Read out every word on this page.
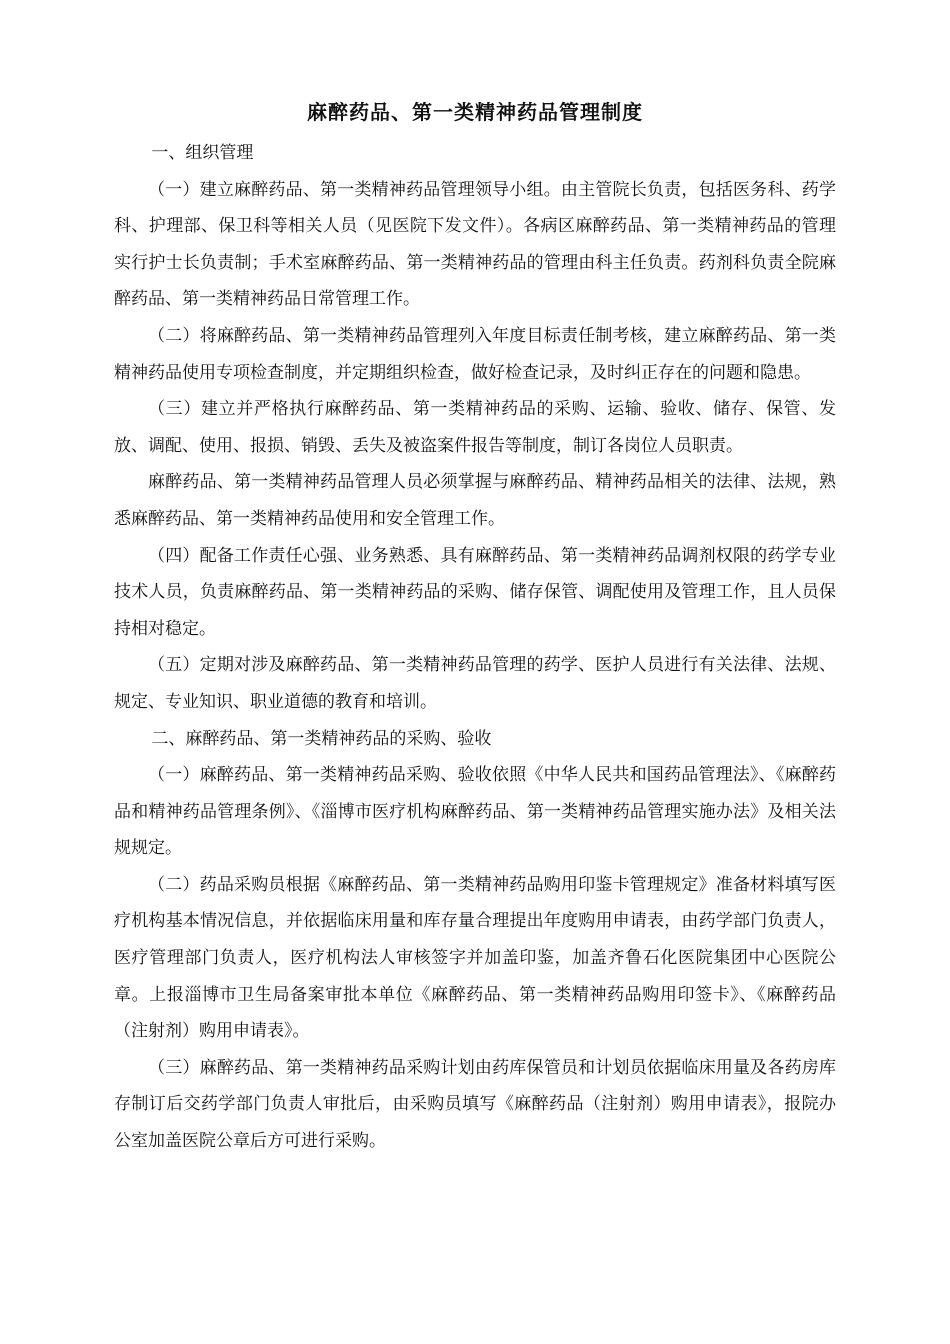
麻醉药品、第一类精神药品管理制度

一、组织管理

（一）建立麻醉药品、第一类精神药品管理领导小组。由主管院长负责，包括医务科、药学科、护理部、保卫科等相关人员（见医院下发文件）。各病区麻醉药品、第一类精神药品的管理实行护士长负责制；手术室麻醉药品、第一类精神药品的管理由科主任负责。药剂科负责全院麻醉药品、第一类精神药品日常管理工作。

（二）将麻醉药品、第一类精神药品管理列入年度目标责任制考核，建立麻醉药品、第一类精神药品使用专项检查制度，并定期组织检查，做好检查记录，及时纠正存在的问题和隐患。

（三）建立并严格执行麻醉药品、第一类精神药品的采购、运输、验收、储存、保管、发放、调配、使用、报损、销毁、丢失及被盗案件报告等制度，制订各岗位人员职责。

麻醉药品、第一类精神药品管理人员必须掌握与麻醉药品、精神药品相关的法律、法规，熟悉麻醉药品、第一类精神药品使用和安全管理工作。

（四）配备工作责任心强、业务熟悉、具有麻醉药品、第一类精神药品调剂权限的药学专业技术人员，负责麻醉药品、第一类精神药品的采购、储存保管、调配使用及管理工作，且人员保持相对稳定。

（五）定期对涉及麻醉药品、第一类精神药品管理的药学、医护人员进行有关法律、法规、规定、专业知识、职业道德的教育和培训。

二、麻醉药品、第一类精神药品的采购、验收

（一）麻醉药品、第一类精神药品采购、验收依照《中华人民共和国药品管理法》、《麻醉药品和精神药品管理条例》、《淄博市医疗机构麻醉药品、第一类精神药品管理实施办法》及相关法规规定。

（二）药品采购员根据《麻醉药品、第一类精神药品购用印鉴卡管理规定》准备材料填写医疗机构基本情况信息，并依据临床用量和库存量合理提出年度购用申请表，由药学部门负责人，医疗管理部门负责人，医疗机构法人审核签字并加盖印鉴，加盖齐鲁石化医院集团中心医院公章。上报淄博市卫生局备案审批本单位《麻醉药品、第一类精神药品购用印签卡》、《麻醉药品（注射剂）购用申请表》。

（三）麻醉药品、第一类精神药品采购计划由药库保管员和计划员依据临床用量及各药房库存制订后交药学部门负责人审批后，由采购员填写《麻醉药品（注射剂）购用申请表》，报院办公室加盖医院公章后方可进行采购。
